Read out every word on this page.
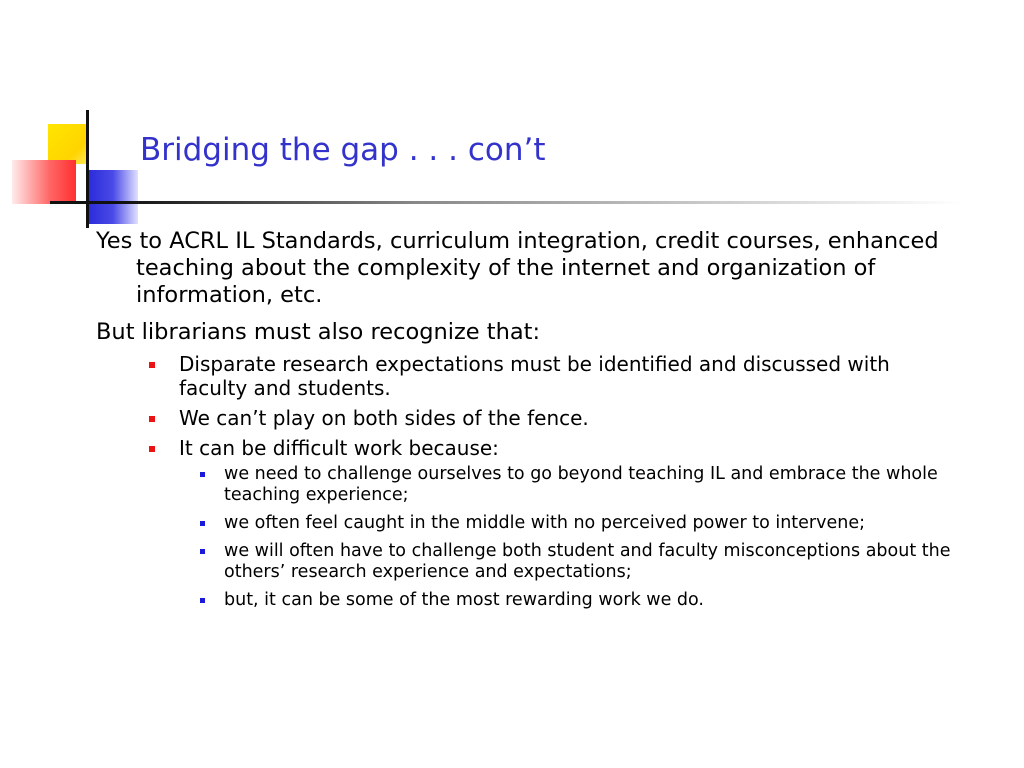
Bridging the gap . . . con’t

Yes to ACRL IL Standards, curriculum integration, credit courses, enhanced teaching about the complexity of the internet and organization of information, etc.

But librarians must also recognize that:

Disparate research expectations must be identified and discussed with faculty and students.
We can’t play on both sides of the fence.
It can be difficult work because:
we need to challenge ourselves to go beyond teaching IL and embrace the whole teaching experience;
we often feel caught in the middle with no perceived power to intervene;
we will often have to challenge both student and faculty misconceptions about the others’ research experience and expectations;
but, it can be some of the most rewarding work we do.
